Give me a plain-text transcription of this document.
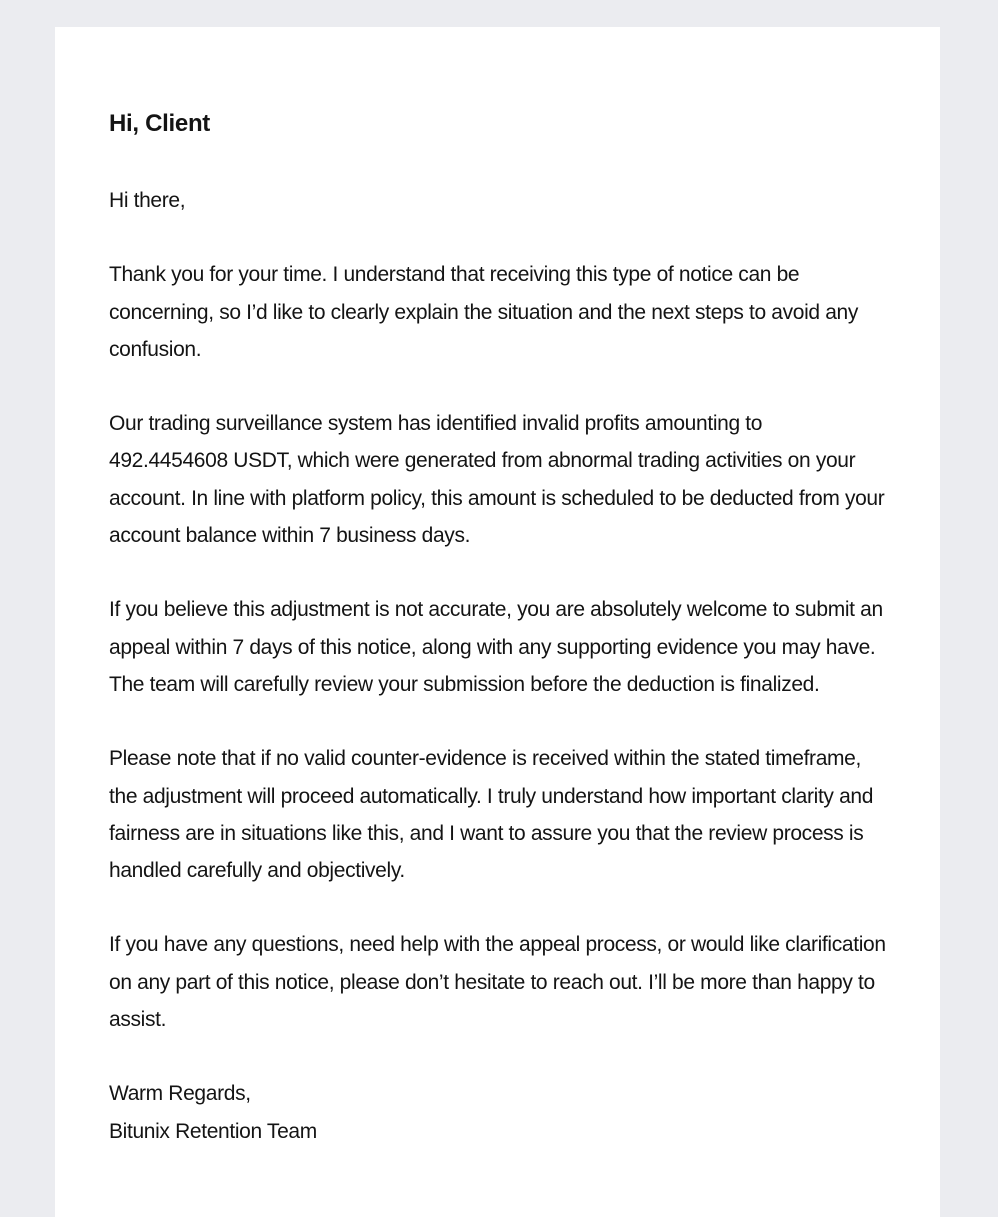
Hi, Client

Hi there,

Thank you for your time. I understand that receiving this type of notice can be concerning, so I’d like to clearly explain the situation and the next steps to avoid any confusion.

Our trading surveillance system has identified invalid profits amounting to 492.4454608 USDT, which were generated from abnormal trading activities on your account. In line with platform policy, this amount is scheduled to be deducted from your account balance within 7 business days.

If you believe this adjustment is not accurate, you are absolutely welcome to submit an appeal within 7 days of this notice, along with any supporting evidence you may have. The team will carefully review your submission before the deduction is finalized.

Please note that if no valid counter-evidence is received within the stated timeframe, the adjustment will proceed automatically. I truly understand how important clarity and fairness are in situations like this, and I want to assure you that the review process is handled carefully and objectively.

If you have any questions, need help with the appeal process, or would like clarification on any part of this notice, please don’t hesitate to reach out. I’ll be more than happy to assist.

Warm Regards,
Bitunix Retention Team
